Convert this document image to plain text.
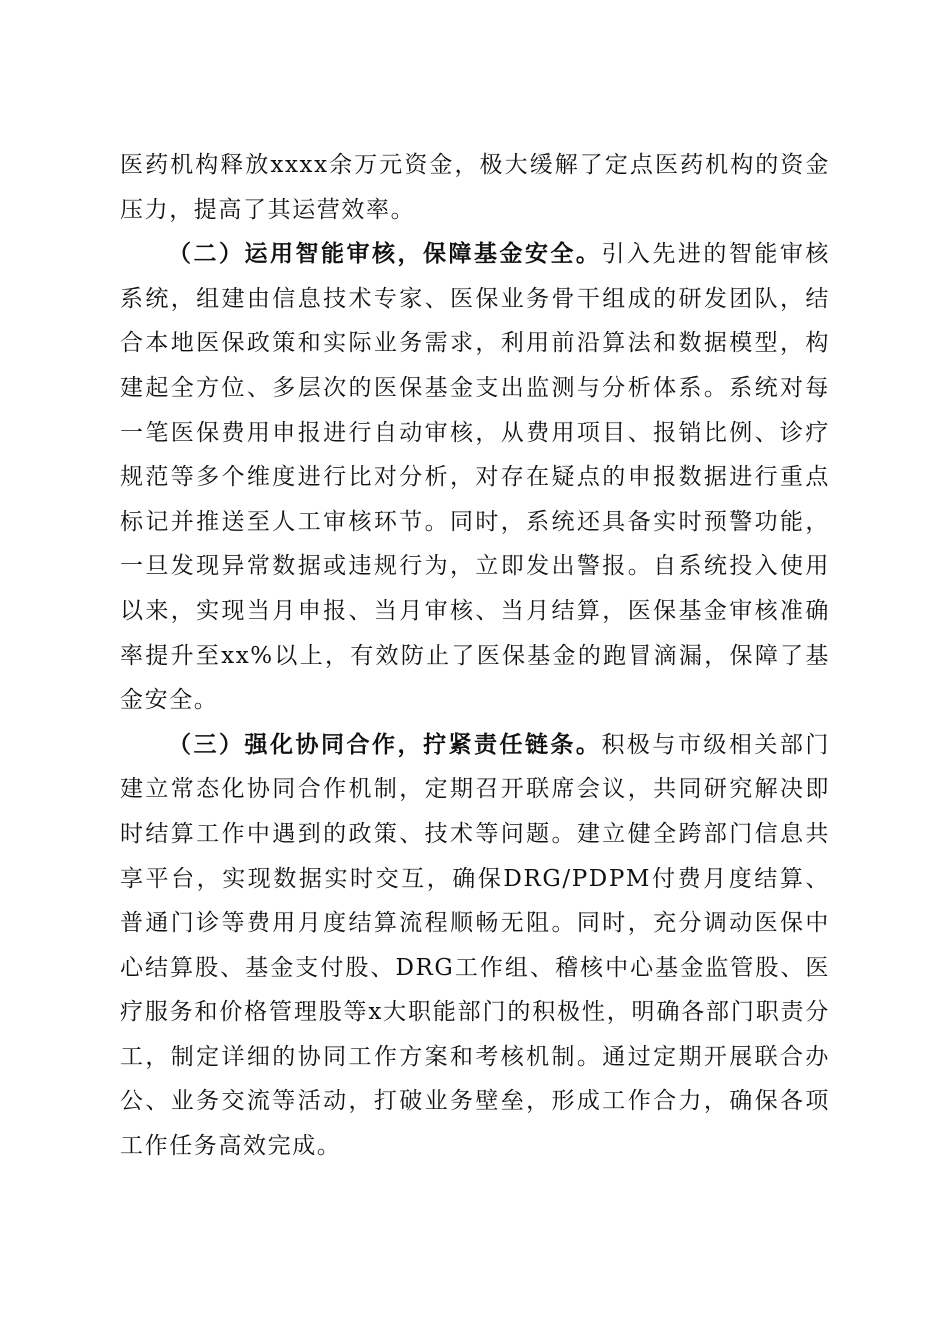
医药机构释放xxxx余万元资金，极大缓解了定点医药机构的资金压力，提高了其运营效率。

（二）运用智能审核，保障基金安全。引入先进的智能审核系统，组建由信息技术专家、医保业务骨干组成的研发团队，结合本地医保政策和实际业务需求，利用前沿算法和数据模型，构建起全方位、多层次的医保基金支出监测与分析体系。系统对每一笔医保费用申报进行自动审核，从费用项目、报销比例、诊疗规范等多个维度进行比对分析，对存在疑点的申报数据进行重点标记并推送至人工审核环节。同时，系统还具备实时预警功能，一旦发现异常数据或违规行为，立即发出警报。自系统投入使用以来，实现当月申报、当月审核、当月结算，医保基金审核准确率提升至xx%以上，有效防止了医保基金的跑冒滴漏，保障了基金安全。

（三）强化协同合作，拧紧责任链条。积极与市级相关部门建立常态化协同合作机制，定期召开联席会议，共同研究解决即时结算工作中遇到的政策、技术等问题。建立健全跨部门信息共享平台，实现数据实时交互，确保DRG/PDPM付费月度结算、普通门诊等费用月度结算流程顺畅无阻。同时，充分调动医保中心结算股、基金支付股、DRG工作组、稽核中心基金监管股、医疗服务和价格管理股等x大职能部门的积极性，明确各部门职责分工，制定详细的协同工作方案和考核机制。通过定期开展联合办公、业务交流等活动，打破业务壁垒，形成工作合力，确保各项工作任务高效完成。
